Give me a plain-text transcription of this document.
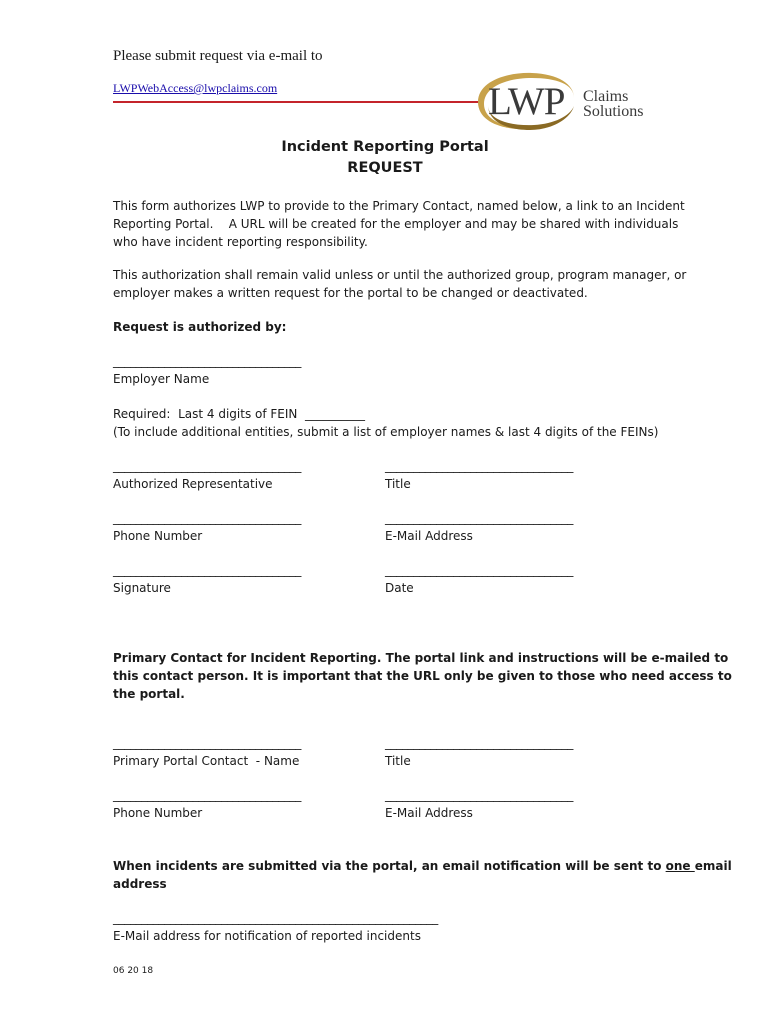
Please submit request via e-mail to
LWPWebAccess@lwpclaims.com	LWP Claims
Solutions
Incident Reporting Portal
REQUEST
This form authorizes LWP to provide to the Primary Contact, named below, a link to an Incident
Reporting Portal.    A URL will be created for the employer and may be shared with individuals
who have incident reporting responsibility.
This authorization shall remain valid unless or until the authorized group, program manager, or
employer makes a written request for the portal to be changed or deactivated.
Request is authorized by:
_________________________________
Employer Name
Required:  Last 4 digits of FEIN  __________
(To include additional entities, submit a list of employer names & last 4 digits of the FEINs)
_________________________________
Authorized Representative
_________________________________
Title
_________________________________
Phone Number
_________________________________
E-Mail Address
_________________________________
Signature
_________________________________
Date
Primary Contact for Incident Reporting. The portal link and instructions will be e-mailed to
this contact person. It is important that the URL only be given to those who need access to
the portal.
_________________________________
Primary Portal Contact  - Name
_________________________________
Title
_________________________________
Phone Number
_________________________________
E-Mail Address
When incidents are submitted via the portal, an email notification will be sent to one email
address
_________________________________________________________
E-Mail address for notification of reported incidents
06 20 18
